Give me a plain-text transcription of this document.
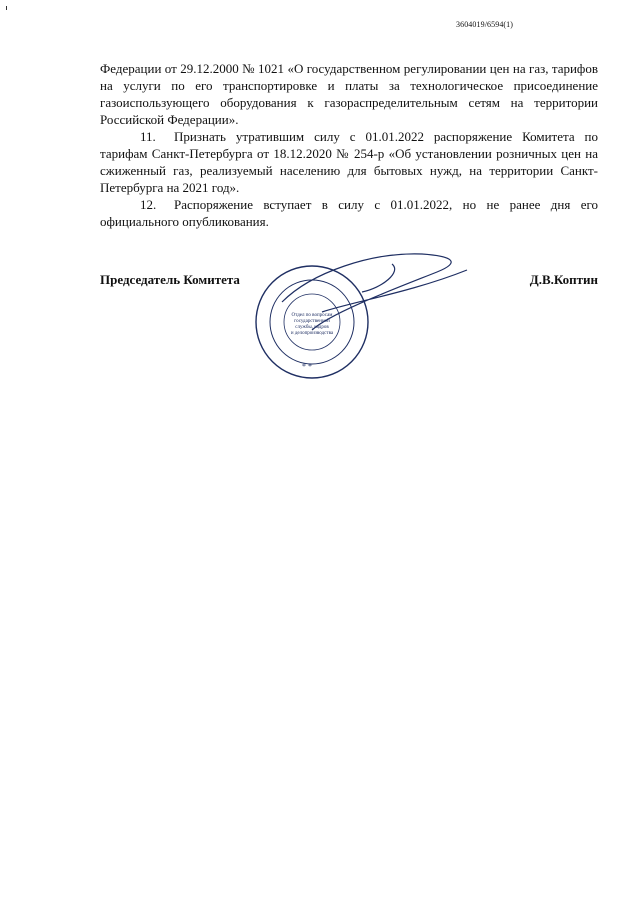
3604019/6594(1)

Федерации от 29.12.2000 № 1021 «О государственном регулировании цен на газ, тарифов на услуги по его транспортировке и платы за технологическое присоединение газоиспользующего оборудования к газораспределительным сетям на территории Российской Федерации».

11. Признать утратившим силу с 01.01.2022 распоряжение Комитета по тарифам Санкт-Петербурга от 18.12.2020 № 254-р «Об установлении розничных цен на сжиженный газ, реализуемый населению для бытовых нужд, на территории Санкт-Петербурга на 2021 год».

12. Распоряжение вступает в силу с 01.01.2022, но не ранее дня его официального опубликования.

Отдел по вопросам
государственной
службы, кадров
и делопроизводства
* *
Председатель Комитета	Д.В.Коптин
